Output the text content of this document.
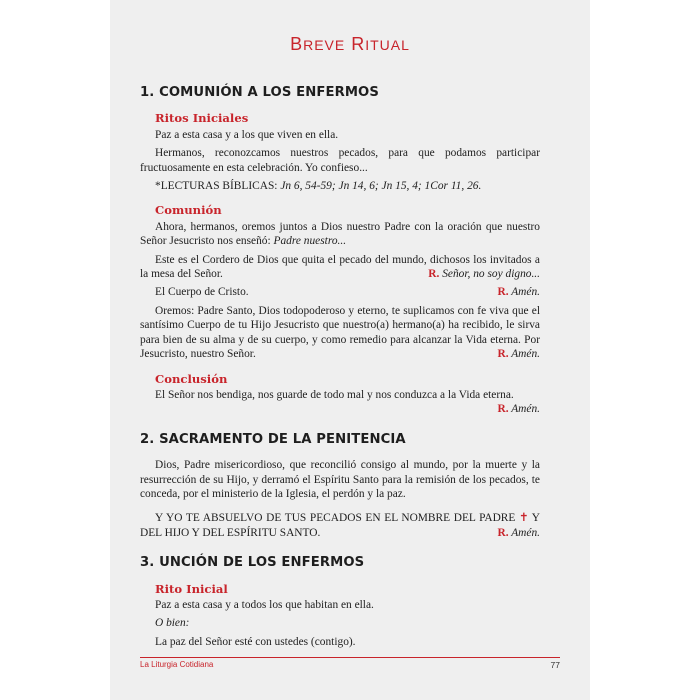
BREVE RITUAL
1. COMUNIÓN A LOS ENFERMOS
Ritos Iniciales

Paz a esta casa y a los que viven en ella.

Hermanos, reconozcamos nuestros pecados, para que podamos participar fructuosamente en esta celebración. Yo confieso...

*LECTURAS BÍBLICAS: Jn 6, 54-59; Jn 14, 6; Jn 15, 4; 1Cor 11, 26.

Comunión

Ahora, hermanos, oremos juntos a Dios nuestro Padre con la oración que nuestro Señor Jesucristo nos enseñó: Padre nuestro...

Este es el Cordero de Dios que quita el pecado del mundo, dichosos los invitados a la mesa del Señor.	R. Señor, no soy digno...

El Cuerpo de Cristo.	R. Amén.

Oremos: Padre Santo, Dios todopoderoso y eterno, te suplicamos con fe viva que el santísimo Cuerpo de tu Hijo Jesucristo que nuestro(a) hermano(a) ha recibido, le sirva para bien de su alma y de su cuerpo, y como remedio para alcanzar la Vida eterna. Por Jesucristo, nuestro Señor.	R. Amén.

Conclusión

El Señor nos bendiga, nos guarde de todo mal y nos conduzca a la Vida eterna.
R. Amén.

2. SACRAMENTO DE LA PENITENCIA

Dios, Padre misericordioso, que reconcilió consigo al mundo, por la muerte y la resurrección de su Hijo, y derramó el Espíritu Santo para la remisión de los pecados, te conceda, por el ministerio de la Iglesia, el perdón y la paz.

Y YO TE ABSUELVO DE TUS PECADOS EN EL NOMBRE DEL PADRE ✝ Y DEL HIJO Y DEL ESPÍRITU SANTO.	R. Amén.

3. UNCIÓN DE LOS ENFERMOS
Rito Inicial

Paz a esta casa y a todos los que habitan en ella.

O bien:

La paz del Señor esté con ustedes (contigo).

La Liturgia Cotidiana	77
